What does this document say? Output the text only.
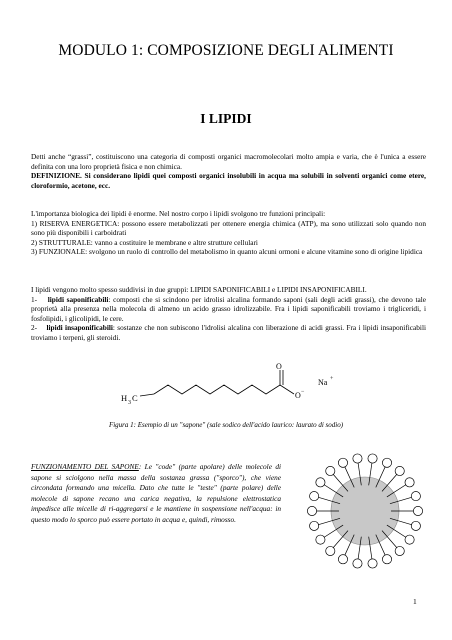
MODULO 1: COMPOSIZIONE DEGLI ALIMENTI
I LIPIDI

Detti anche “grassi”, costituiscono una categoria di composti organici macromolecolari molto ampia e varia, che è l'unica a essere definita con una loro proprietà fisica e non chimica.

DEFINIZIONE. Si considerano lipidi quei composti organici insolubili in acqua ma solubili in solventi organici come etere, cloroformio, acetone, ecc.

L'importanza biologica dei lipidi è enorme. Nel nostro corpo i lipidi svolgono tre funzioni principali:

1) RISERVA ENERGETICA: possono essere metabolizzati per ottenere energia chimica (ATP), ma sono utilizzati solo quando non sono più disponibili i carboidrati

2) STRUTTURALE: vanno a costituire le membrane e altre strutture cellulari

3) FUNZIONALE: svolgono un ruolo di controllo del metabolismo in quanto alcuni ormoni e alcune vitamine sono di origine lipidica

I lipidi vengono molto spesso suddivisi in due gruppi: LIPIDI SAPONIFICABILI e LIPIDI INSAPONIFICABILI.

1- lipidi saponificabili: composti che si scindono per idrolisi alcalina formando saponi (sali degli acidi grassi), che devono tale proprietà alla presenza nella molecola di almeno un acido grasso idrolizzabile. Fra i lipidi saponificabili troviamo i trigliceridi, i fosfolipidi, i glicolipidi, le cere.

2- lipidi insaponificabili: sostanze che non subiscono l'idrolisi alcalina con liberazione di acidi grassi. Fra i lipidi insaponificabili troviamo i terpeni, gli steroidi.

O
O −
Na +
H 3 C
Figura 1: Esempio di un "sapone" (sale sodico dell'acido laurico: laurato di sodio)
FUNZIONAMENTO DEL SAPONE: Le "code" (parte apolare) delle molecole di sapone si sciolgono nella massa della sostanza grassa ("sporco"), che viene circondata formando una micella. Dato che tutte le "teste" (parte polare) delle molecole di sapone recano una carica negativa, la repulsione elettrostatica impedisce alle micelle di ri-aggregarsi e le mantiene in sospensione nell'acqua: in questo modo lo sporco può essere portato in acqua e, quindi, rimosso.
1
